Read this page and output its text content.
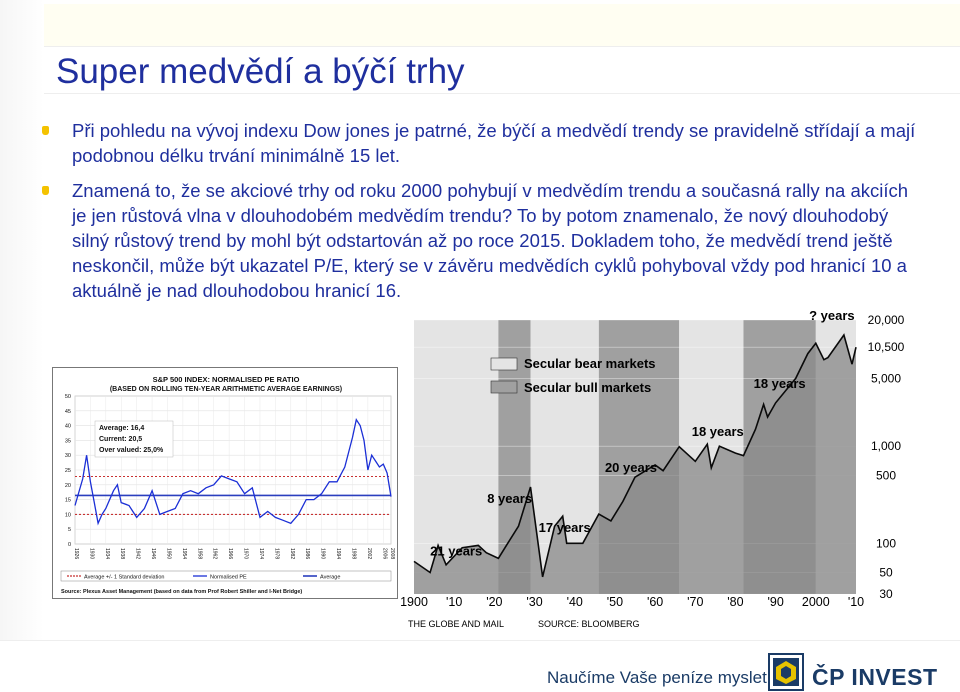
Super medvědí a býčí trhy
Při pohledu na vývoj indexu Dow jones je patrné, že býčí a medvědí trendy se pravidelně střídají a mají podobnou délku trvání minimálně 15 let.
Znamená to, že se akciové trhy od roku 2000 pohybují v medvědím trendu a současná rally na akciích je jen růstová vlna v dlouhodobém medvědím trendu? To by potom znamenalo, že nový dlouhodobý silný růstový trend by mohl být odstartován až po roce 2015. Dokladem toho, že medvědí trend ještě neskončil, může být ukazatel P/E, který se v závěru medvědích cyklů pohyboval vždy pod hranicí 10 a aktuálně je nad dlouhodobou hranicí 16.
S&P 500 INDEX: NORMALISED PE RATIO
(BASED ON ROLLING TEN-YEAR ARITHMETIC AVERAGE EARNINGS)
0
5
10
15
20
25
30
35
40
45
50
1926 1930 1934 1938 1942 1946 1950 1954 1958 1962 1966 1970 1974 1978 1982 1986 1990 1994 1998 2002 2006 2008
Average: 16,4
Current: 20,5
Over valued: 25,0%
Average +/- 1 Standard deviation	Normalised PE	Average
Source: Plexus Asset Management (based on data from Prof Robert Shiller and I-Net Bridge)
21 years
8 years
17 years
20 years
18 years
18 years
? years
Secular bear markets
Secular bull markets
20,000
10,500
5,000
1,000
500
100
50
30
1900 '10 '20 '30 '40 '50 '60 '70 '80 '90 2000 '10
THE GLOBE AND MAIL	SOURCE: BLOOMBERG
Naučíme Vaše peníze myslet ČP INVEST
